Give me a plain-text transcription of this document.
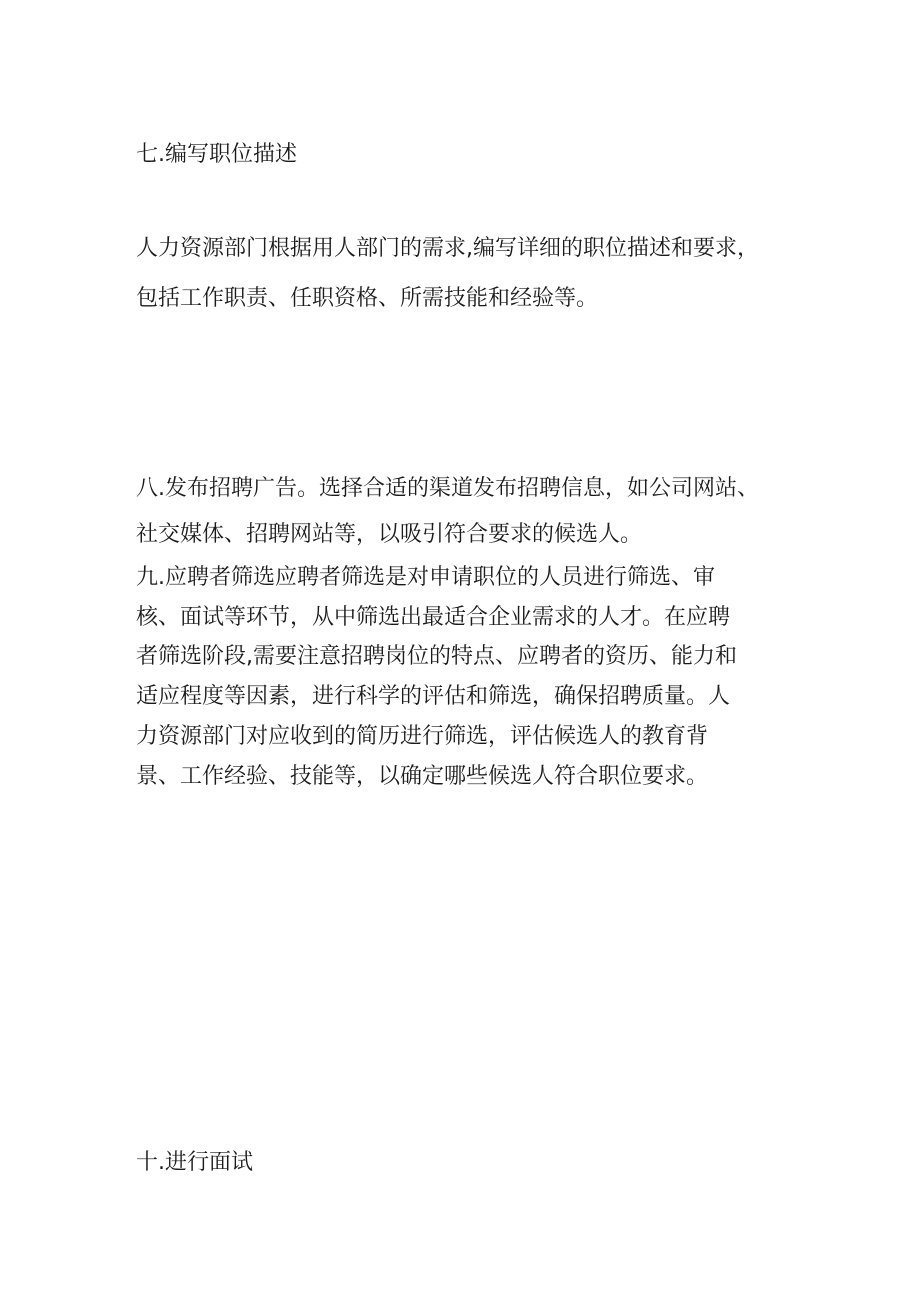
七.编写职位描述
人力资源部门根据用人部门的需求,编写详细的职位描述和要求，
包括工作职责、任职资格、所需技能和经验等。
八.发布招聘广告。选择合适的渠道发布招聘信息，如公司网站、
社交媒体、招聘网站等，以吸引符合要求的候选人。
九.应聘者筛选应聘者筛选是对申请职位的人员进行筛选、审
核、面试等环节，从中筛选出最适合企业需求的人才。在应聘
者筛选阶段,需要注意招聘岗位的特点、应聘者的资历、能力和
适应程度等因素，进行科学的评估和筛选，确保招聘质量。人
力资源部门对应收到的简历进行筛选，评估候选人的教育背
景、工作经验、技能等，以确定哪些候选人符合职位要求。
十.进行面试
